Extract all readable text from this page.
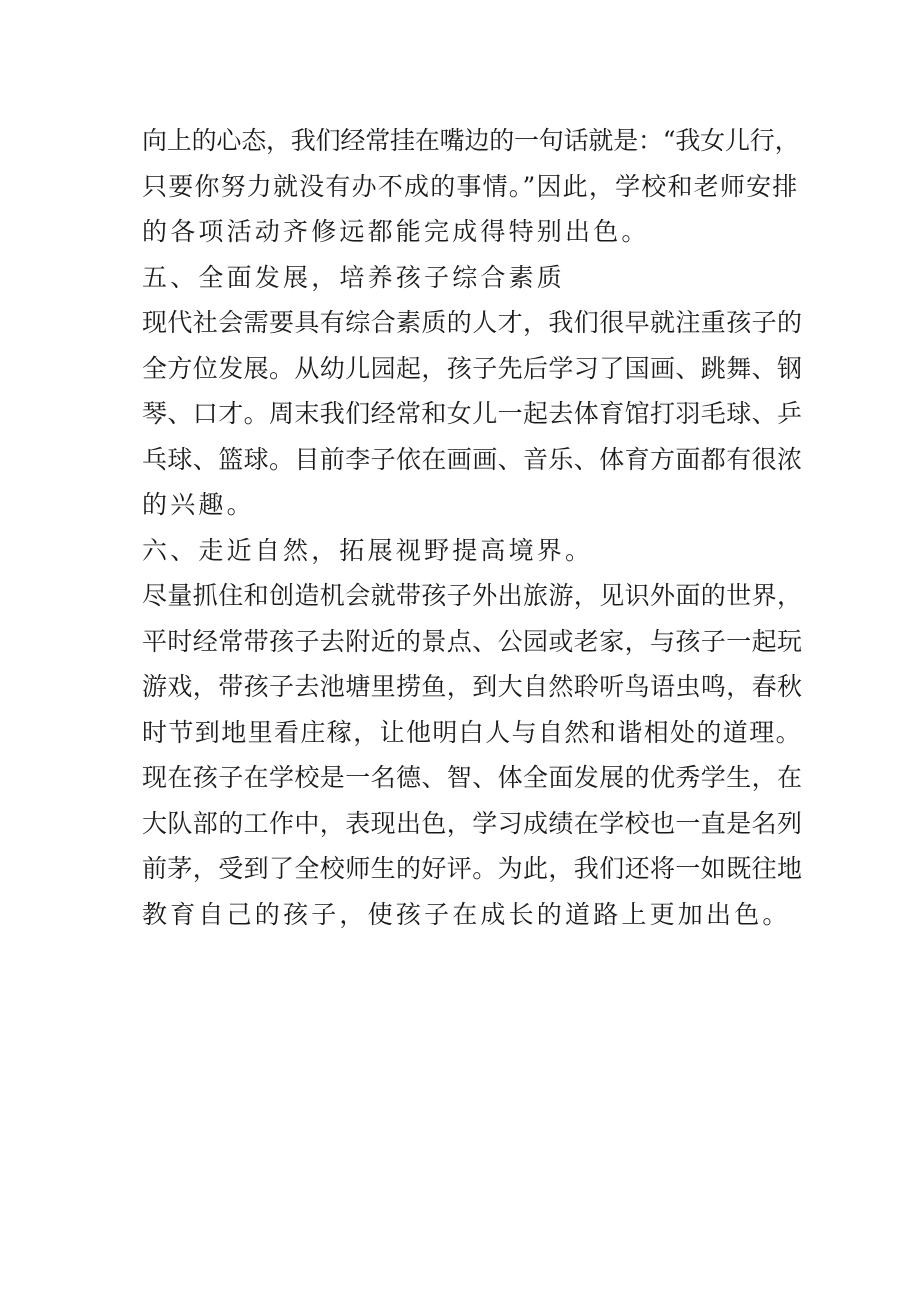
向上的心态，我们经常挂在嘴边的一句话就是：“我女儿行，
只要你努力就没有办不成的事情。”因此，学校和老师安排
的各项活动齐修远都能完成得特别出色。
五、全面发展，培养孩子综合素质
现代社会需要具有综合素质的人才，我们很早就注重孩子的
全方位发展。从幼儿园起，孩子先后学习了国画、跳舞、钢
琴、口才。周末我们经常和女儿一起去体育馆打羽毛球、乒
乓球、篮球。目前李子依在画画、音乐、体育方面都有很浓
的兴趣。
六、走近自然，拓展视野提高境界。
尽量抓住和创造机会就带孩子外出旅游，见识外面的世界，
平时经常带孩子去附近的景点、公园或老家，与孩子一起玩
游戏，带孩子去池塘里捞鱼，到大自然聆听鸟语虫鸣，春秋
时节到地里看庄稼，让他明白人与自然和谐相处的道理。
现在孩子在学校是一名德、智、体全面发展的优秀学生，在
大队部的工作中，表现出色，学习成绩在学校也一直是名列
前茅，受到了全校师生的好评。为此，我们还将一如既往地
教育自己的孩子，使孩子在成长的道路上更加出色。
